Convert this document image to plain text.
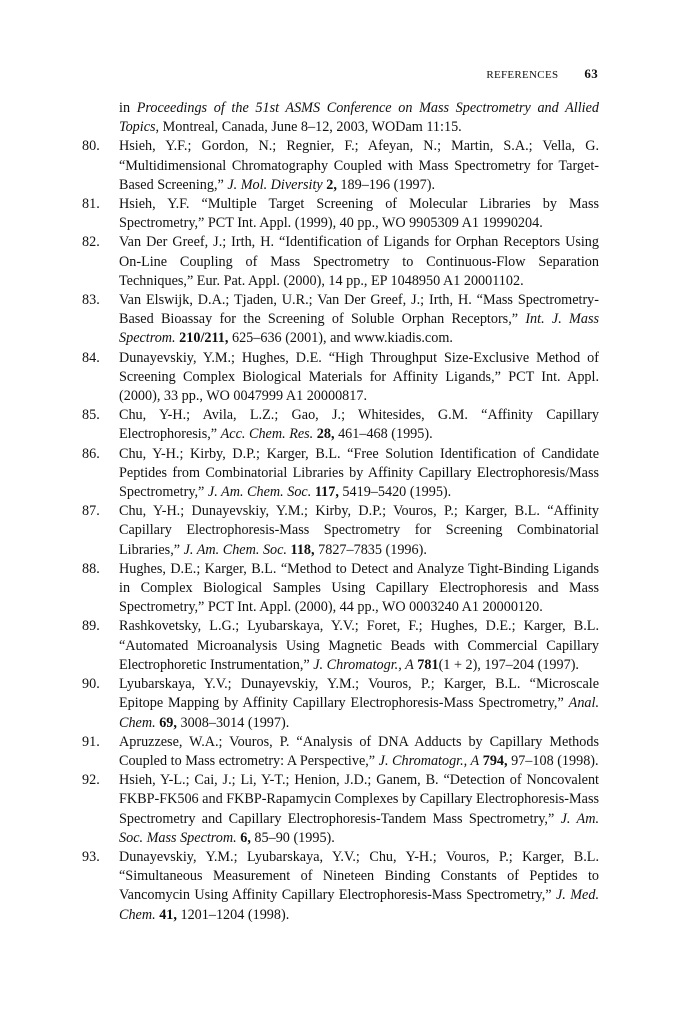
REFERENCES 63
in Proceedings of the 51st ASMS Conference on Mass Spectrometry and Allied Topics, Montreal, Canada, June 8–12, 2003, WODam 11:15.
80.	Hsieh, Y.F.; Gordon, N.; Regnier, F.; Afeyan, N.; Martin, S.A.; Vella, G. “Multidimensional Chromatography Coupled with Mass Spectrometry for Target-Based Screening,” J. Mol. Diversity 2, 189–196 (1997).
81.	Hsieh, Y.F. “Multiple Target Screening of Molecular Libraries by Mass Spectrometry,” PCT Int. Appl. (1999), 40 pp., WO 9905309 A1 19990204.
82.	Van Der Greef, J.; Irth, H. “Identification of Ligands for Orphan Receptors Using On-Line Coupling of Mass Spectrometry to Continuous-Flow Separation Techniques,” Eur. Pat. Appl. (2000), 14 pp., EP 1048950 A1 20001102.
83.	Van Elswijk, D.A.; Tjaden, U.R.; Van Der Greef, J.; Irth, H. “Mass Spectrometry-Based Bioassay for the Screening of Soluble Orphan Receptors,” Int. J. Mass Spectrom. 210/211, 625–636 (2001), and www.kiadis.com.
84.	Dunayevskiy, Y.M.; Hughes, D.E. “High Throughput Size-Exclusive Method of Screening Complex Biological Materials for Affinity Ligands,” PCT Int. Appl. (2000), 33 pp., WO 0047999 A1 20000817.
85.	Chu, Y-H.; Avila, L.Z.; Gao, J.; Whitesides, G.M. “Affinity Capillary Electrophoresis,” Acc. Chem. Res. 28, 461–468 (1995).
86.	Chu, Y-H.; Kirby, D.P.; Karger, B.L. “Free Solution Identification of Candidate Peptides from Combinatorial Libraries by Affinity Capillary Electrophoresis/Mass Spectrometry,” J. Am. Chem. Soc. 117, 5419–5420 (1995).
87.	Chu, Y-H.; Dunayevskiy, Y.M.; Kirby, D.P.; Vouros, P.; Karger, B.L. “Affinity Capillary Electrophoresis-Mass Spectrometry for Screening Combinatorial Libraries,” J. Am. Chem. Soc. 118, 7827–7835 (1996).
88.	Hughes, D.E.; Karger, B.L. “Method to Detect and Analyze Tight-Binding Ligands in Complex Biological Samples Using Capillary Electrophoresis and Mass Spectrometry,” PCT Int. Appl. (2000), 44 pp., WO 0003240 A1 20000120.
89.	Rashkovetsky, L.G.; Lyubarskaya, Y.V.; Foret, F.; Hughes, D.E.; Karger, B.L. “Automated Microanalysis Using Magnetic Beads with Commercial Capillary Electrophoretic Instrumentation,” J. Chromatogr., A 781(1 + 2), 197–204 (1997).
90.	Lyubarskaya, Y.V.; Dunayevskiy, Y.M.; Vouros, P.; Karger, B.L. “Microscale Epitope Mapping by Affinity Capillary Electrophoresis-Mass Spectrometry,” Anal. Chem. 69, 3008–3014 (1997).
91.	Apruzzese, W.A.; Vouros, P. “Analysis of DNA Adducts by Capillary Methods Coupled to Mass ectrometry: A Perspective,” J. Chromatogr., A 794, 97–108 (1998).
92.	Hsieh, Y-L.; Cai, J.; Li, Y-T.; Henion, J.D.; Ganem, B. “Detection of Noncovalent FKBP-FK506 and FKBP-Rapamycin Complexes by Capillary Electrophoresis-Mass Spectrometry and Capillary Electrophoresis-Tandem Mass Spectrometry,” J. Am. Soc. Mass Spectrom. 6, 85–90 (1995).
93.	Dunayevskiy, Y.M.; Lyubarskaya, Y.V.; Chu, Y-H.; Vouros, P.; Karger, B.L. “Simultaneous Measurement of Nineteen Binding Constants of Peptides to Vancomycin Using Affinity Capillary Electrophoresis-Mass Spectrometry,” J. Med. Chem. 41, 1201–1204 (1998).
